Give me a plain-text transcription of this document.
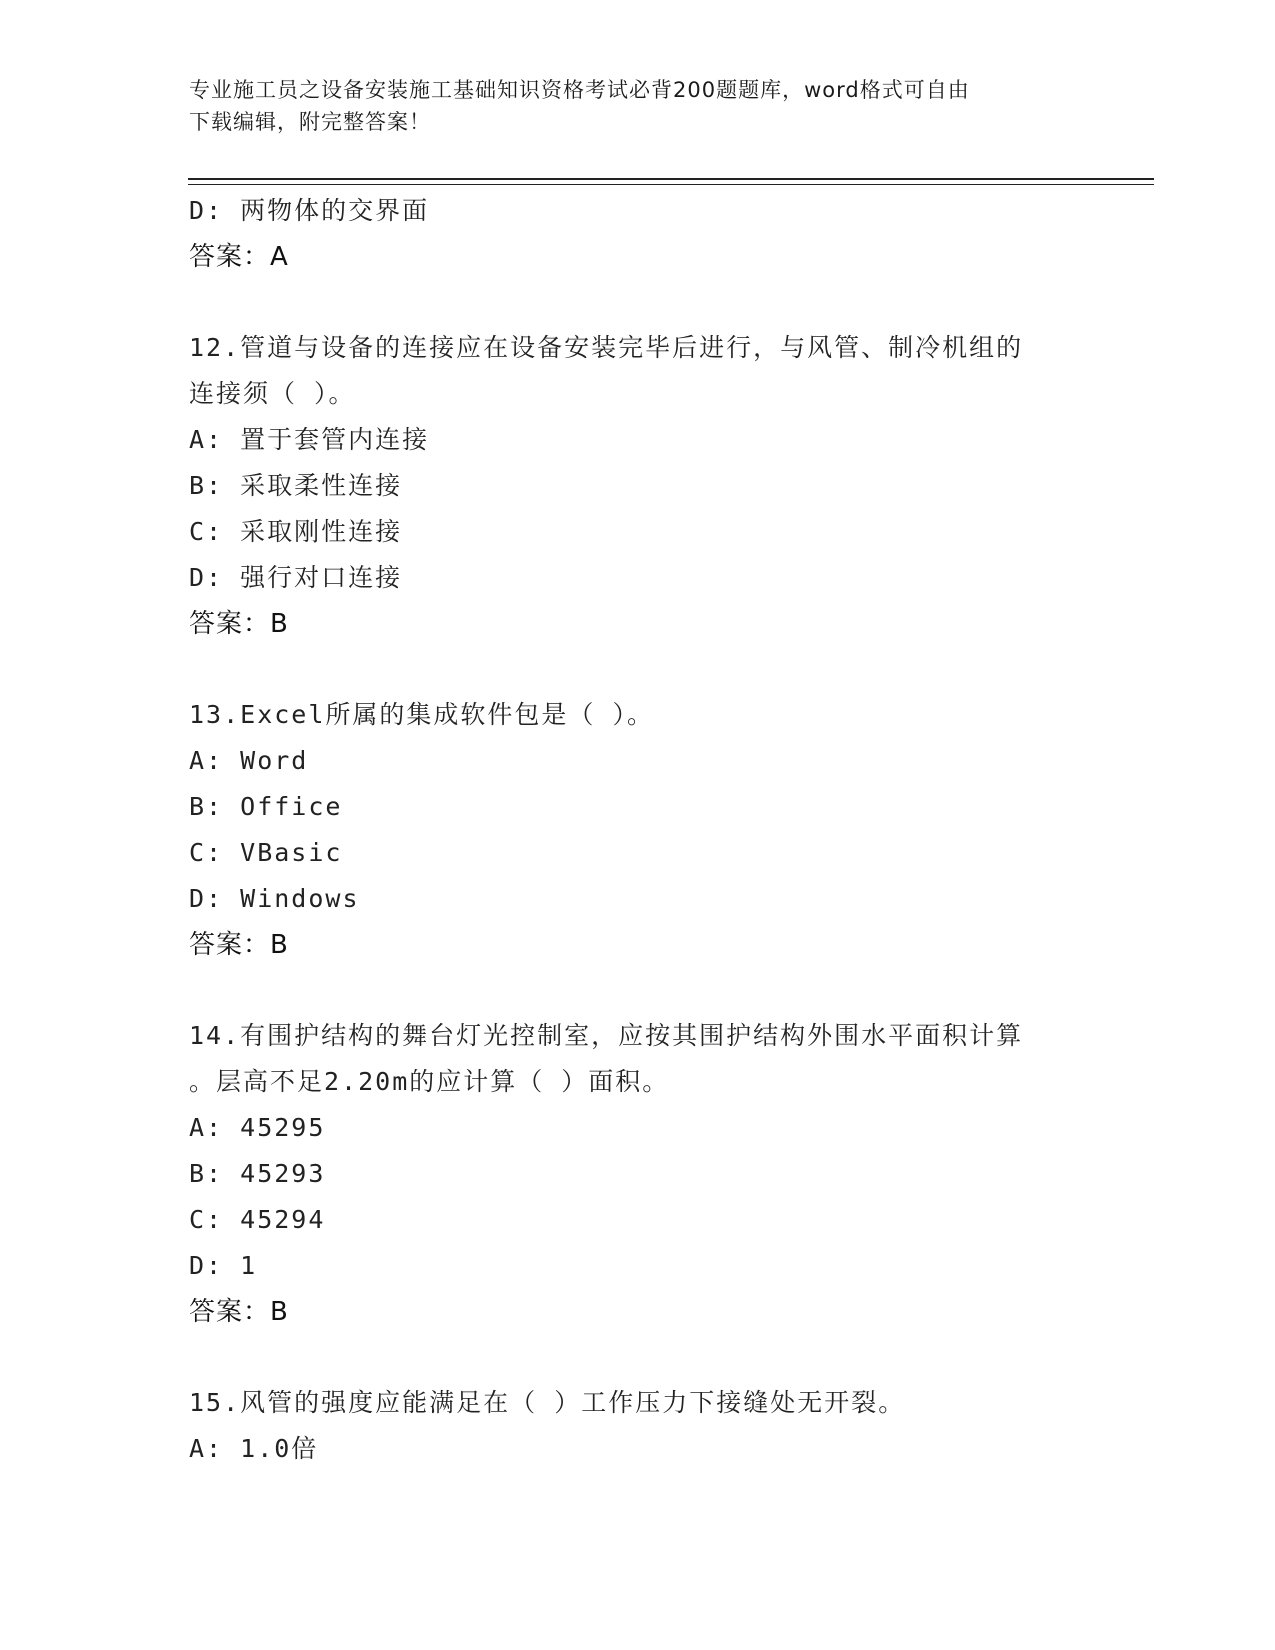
专业施工员之设备安装施工基础知识资格考试必背200题题库，word格式可自由
下载编辑，附完整答案！
D: 两物体的交界面
答案：A
12.管道与设备的连接应在设备安装完毕后进行，与风管、制冷机组的
连接须（ ）。
A: 置于套管内连接
B: 采取柔性连接
C: 采取刚性连接
D: 强行对口连接
答案：B
13.Excel所属的集成软件包是（ ）。
A: Word
B: Office
C: VBasic
D: Windows
答案：B
14.有围护结构的舞台灯光控制室，应按其围护结构外围水平面积计算
。层高不足2.20m的应计算（ ）面积。
A: 45295
B: 45293
C: 45294
D: 1
答案：B
15.风管的强度应能满足在（ ）工作压力下接缝处无开裂。
A: 1.0倍
